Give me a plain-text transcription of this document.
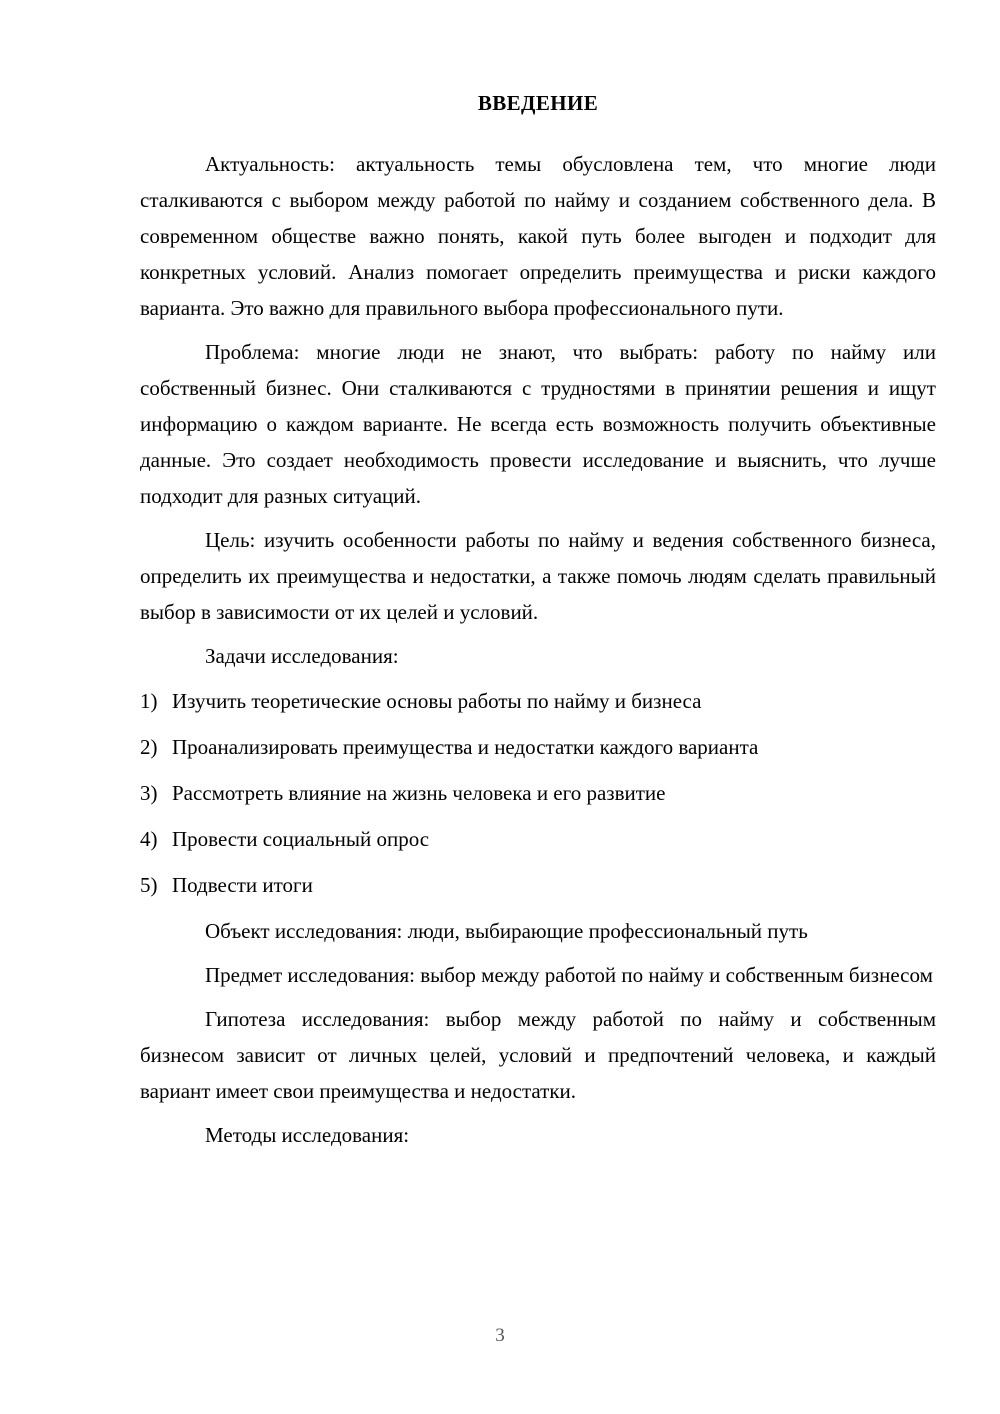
ВВЕДЕНИЕ

Актуальность: актуальность темы обусловлена тем, что многие люди сталкиваются с выбором между работой по найму и созданием собственного дела. В современном обществе важно понять, какой путь более выгоден и подходит для конкретных условий. Анализ помогает определить преимущества и риски каждого варианта. Это важно для правильного выбора профессионального пути.

Проблема: многие люди не знают, что выбрать: работу по найму или собственный бизнес. Они сталкиваются с трудностями в принятии решения и ищут информацию о каждом варианте. Не всегда есть возможность получить объективные данные. Это создает необходимость провести исследование и выяснить, что лучше подходит для разных ситуаций.

Цель: изучить особенности работы по найму и ведения собственного бизнеса, определить их преимущества и недостатки, а также помочь людям сделать правильный выбор в зависимости от их целей и условий.

Задачи исследования:

1) Изучить теоретические основы работы по найму и бизнеса
2) Проанализировать преимущества и недостатки каждого варианта
3) Рассмотреть влияние на жизнь человека и его развитие
4) Провести социальный опрос
5) Подвести итоги

Объект исследования: люди, выбирающие профессиональный путь

Предмет исследования: выбор между работой по найму и собственным бизнесом

Гипотеза исследования: выбор между работой по найму и собственным бизнесом зависит от личных целей, условий и предпочтений человека, и каждый вариант имеет свои преимущества и недостатки.

Методы исследования:

3
